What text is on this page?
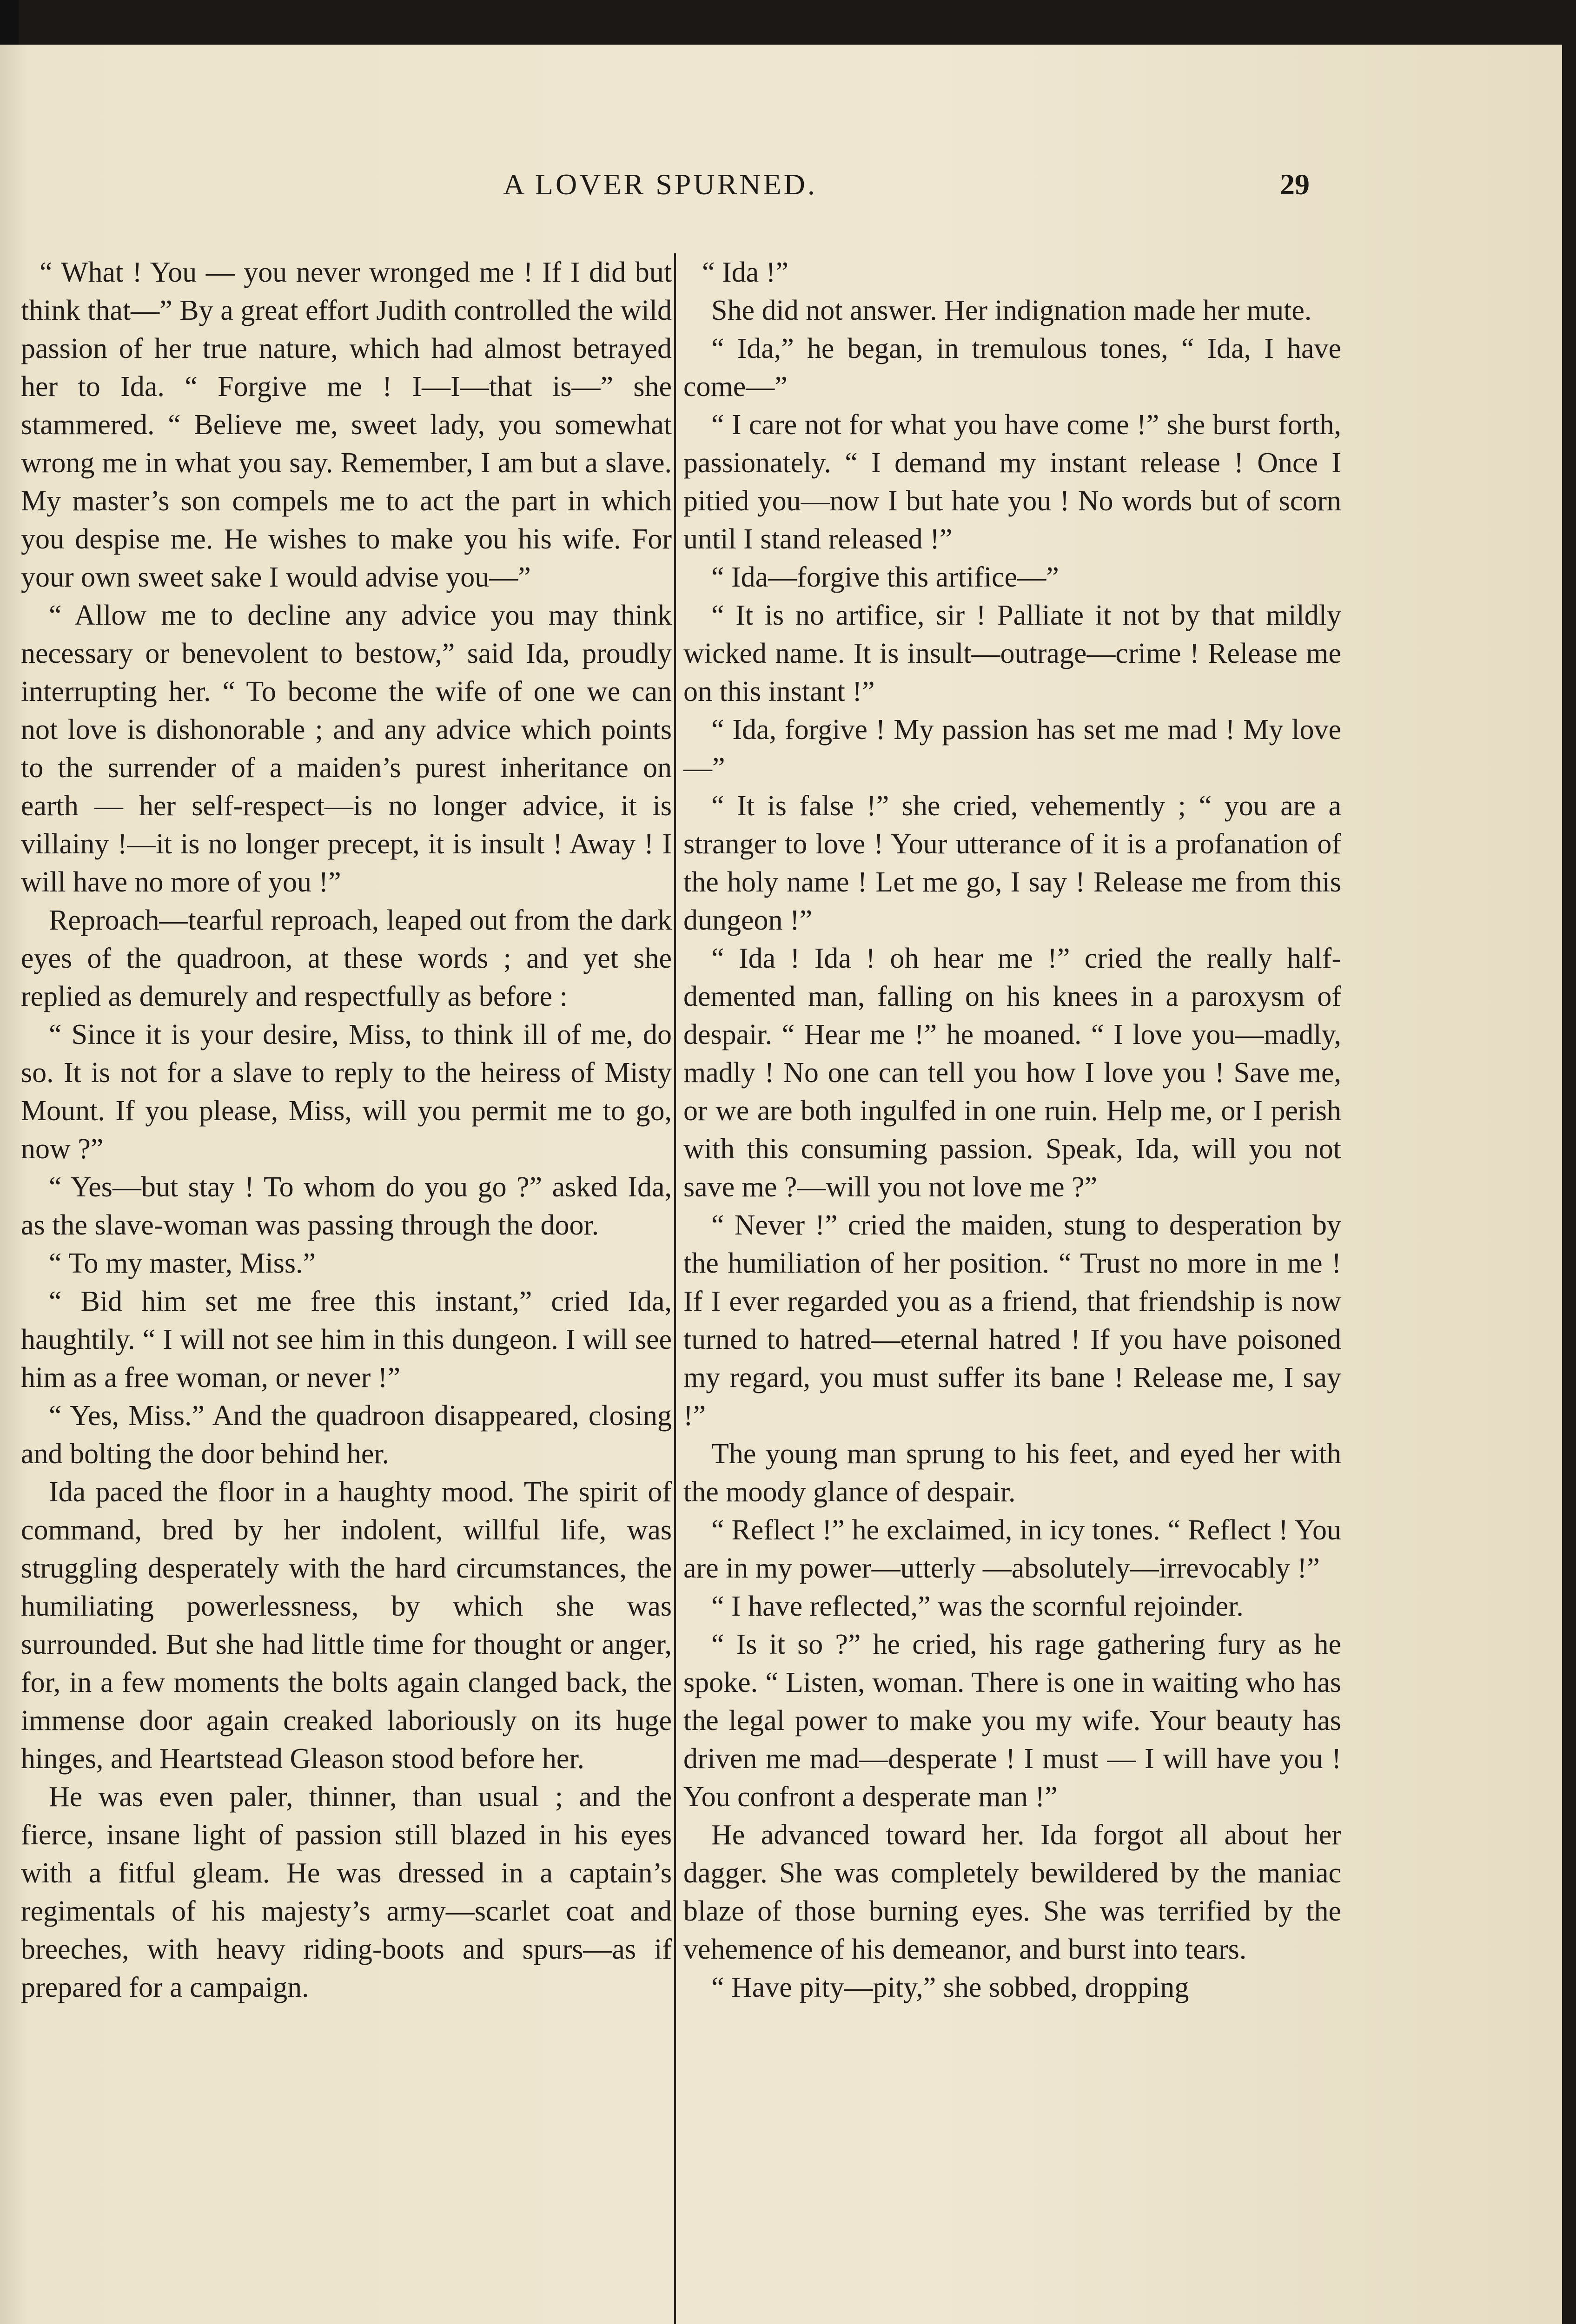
A LOVER SPURNED.	29

“ What ! You — you never wronged me ! If I did but think that—” By a great effort Judith controlled the wild passion of her true nature, which had almost betrayed her to Ida. “ Forgive me ! I—I—that is—” she stammered. “ Believe me, sweet lady, you somewhat wrong me in what you say. Remember, I am but a slave. My master’s son compels me to act the part in which you despise me. He wishes to make you his wife. For your own sweet sake I would advise you—”

“ Allow me to decline any advice you may think necessary or benevolent to bestow,” said Ida, proudly interrupting her. “ To become the wife of one we can not love is dishonorable ; and any advice which points to the surrender of a maiden’s purest inheritance on earth — her self-respect—is no longer advice, it is villainy !—it is no longer precept, it is insult ! Away ! I will have no more of you !”

Reproach—tearful reproach, leaped out from the dark eyes of the quadroon, at these words ; and yet she replied as demurely and respectfully as before :

“ Since it is your desire, Miss, to think ill of me, do so. It is not for a slave to reply to the heiress of Misty Mount. If you please, Miss, will you permit me to go, now ?”

“ Yes—but stay ! To whom do you go ?” asked Ida, as the slave-woman was passing through the door.

“ To my master, Miss.”

“ Bid him set me free this instant,” cried Ida, haughtily. “ I will not see him in this dungeon. I will see him as a free woman, or never !”

“ Yes, Miss.” And the quadroon disappeared, closing and bolting the door behind her.

Ida paced the floor in a haughty mood. The spirit of command, bred by her indolent, willful life, was struggling desperately with the hard circumstances, the humiliating powerlessness, by which she was surrounded. But she had little time for thought or anger, for, in a few moments the bolts again clanged back, the immense door again creaked laboriously on its huge hinges, and Heartstead Gleason stood before her.

He was even paler, thinner, than usual ; and the fierce, insane light of passion still blazed in his eyes with a fitful gleam. He was dressed in a captain’s regimentals of his majesty’s army—scarlet coat and breeches, with heavy riding-boots and spurs—as if prepared for a campaign.

“ Ida !”

She did not answer. Her indignation made her mute.

“ Ida,” he began, in tremulous tones, “ Ida, I have come—”

“ I care not for what you have come !” she burst forth, passionately. “ I demand my instant release ! Once I pitied you—now I but hate you ! No words but of scorn until I stand released !”

“ Ida—forgive this artifice—”

“ It is no artifice, sir ! Palliate it not by that mildly wicked name. It is insult—outrage—crime ! Release me on this instant !”

“ Ida, forgive ! My passion has set me mad ! My love—”

“ It is false !” she cried, vehemently ; “ you are a stranger to love ! Your utterance of it is a profanation of the holy name ! Let me go, I say ! Release me from this dungeon !”

“ Ida ! Ida ! oh hear me !” cried the really half-demented man, falling on his knees in a paroxysm of despair. “ Hear me !” he moaned. “ I love you—madly, madly ! No one can tell you how I love you ! Save me, or we are both ingulfed in one ruin. Help me, or I perish with this consuming passion. Speak, Ida, will you not save me ?—will you not love me ?”

“ Never !” cried the maiden, stung to desperation by the humiliation of her position. “ Trust no more in me ! If I ever regarded you as a friend, that friendship is now turned to hatred—eternal hatred ! If you have poisoned my regard, you must suffer its bane ! Release me, I say !”

The young man sprung to his feet, and eyed her with the moody glance of despair.

“ Reflect !” he exclaimed, in icy tones. “ Reflect ! You are in my power—utterly —absolutely—irrevocably !”

“ I have reflected,” was the scornful rejoinder.

“ Is it so ?” he cried, his rage gathering fury as he spoke. “ Listen, woman. There is one in waiting who has the legal power to make you my wife. Your beauty has driven me mad—desperate ! I must — I will have you ! You confront a desperate man !”

He advanced toward her. Ida forgot all about her dagger. She was completely bewildered by the maniac blaze of those burning eyes. She was terrified by the vehemence of his demeanor, and burst into tears.

“ Have pity—pity,” she sobbed, dropping
